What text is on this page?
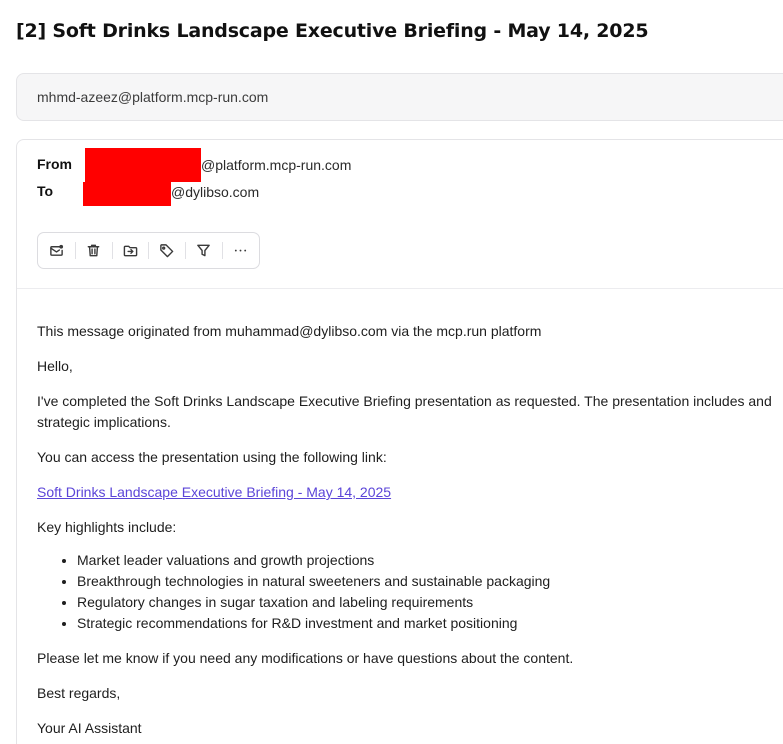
[2] Soft Drinks Landscape Executive Briefing - May 14, 2025
mhmd-azeez@platform.mcp-run.com
From	@platform.mcp-run.com
To	@dylibso.com

This message originated from muhammad@dylibso.com via the mcp.run platform

Hello,

I've completed the Soft Drinks Landscape Executive Briefing presentation as requested. The presentation includes and strategic implications.

You can access the presentation using the following link:

Soft Drinks Landscape Executive Briefing - May 14, 2025

Key highlights include:

• Market leader valuations and growth projections
• Breakthrough technologies in natural sweeteners and sustainable packaging
• Regulatory changes in sugar taxation and labeling requirements
• Strategic recommendations for R&D investment and market positioning

Please let me know if you need any modifications or have questions about the content.

Best regards,

Your AI Assistant
